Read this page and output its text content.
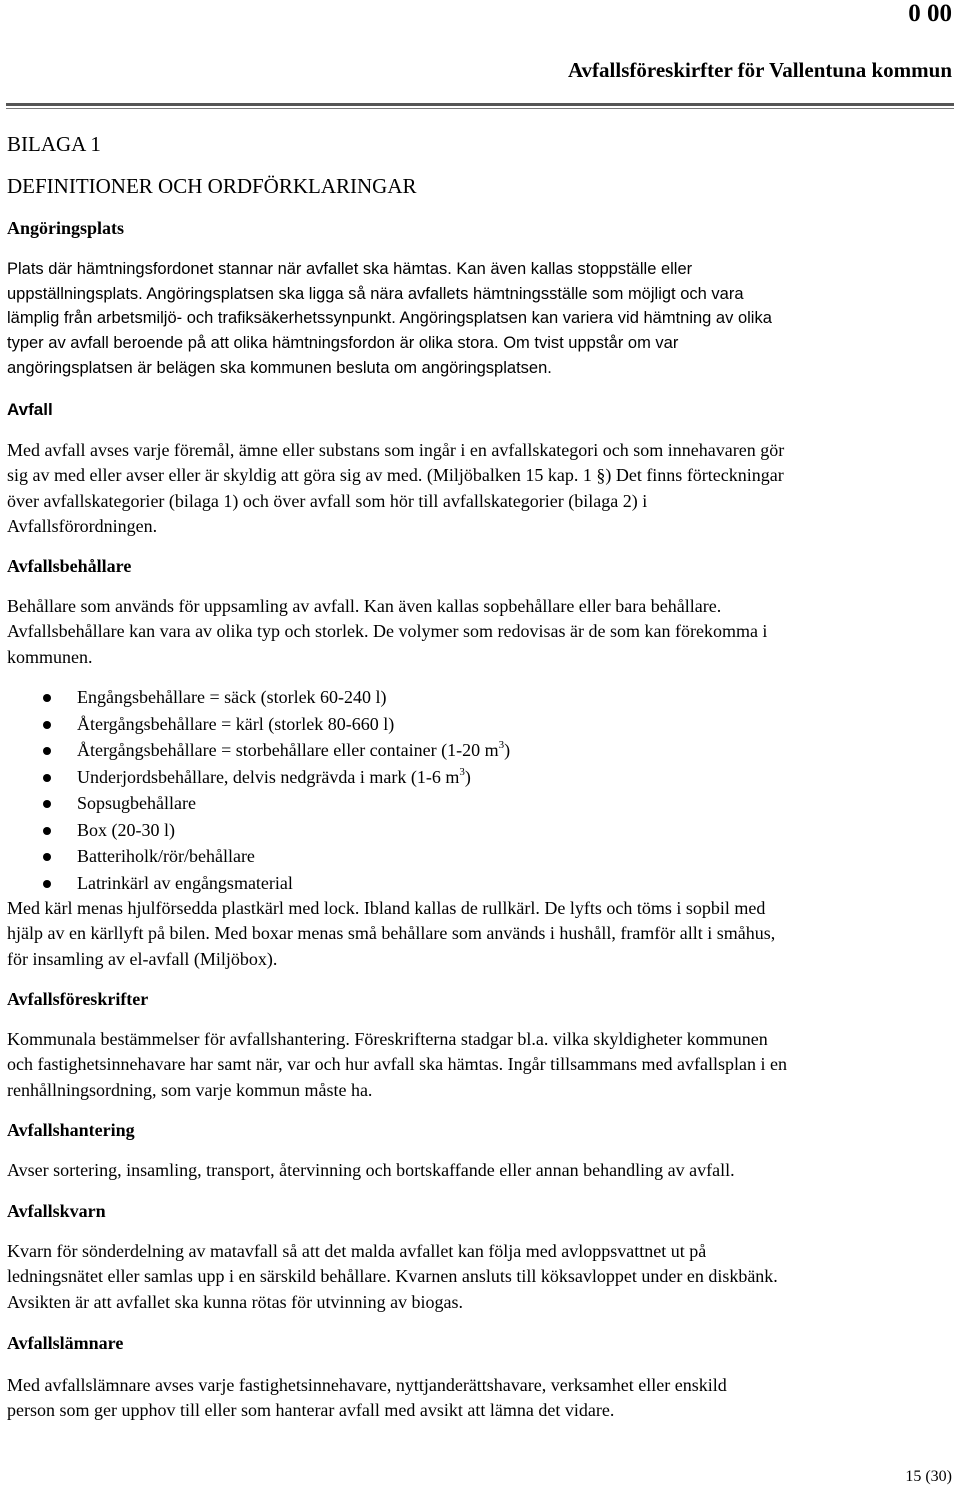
0 00
Avfallsföreskirfter för Vallentuna kommun
BILAGA 1
DEFINITIONER OCH ORDFÖRKLARINGAR
Angöringsplats
Plats där hämtningsfordonet stannar när avfallet ska hämtas. Kan även kallas stoppställe eller
uppställningsplats. Angöringsplatsen ska ligga så nära avfallets hämtningsställe som möjligt och vara
lämplig från arbetsmiljö- och trafiksäkerhetssynpunkt. Angöringsplatsen kan variera vid hämtning av olika
typer av avfall beroende på att olika hämtningsfordon är olika stora. Om tvist uppstår om var
angöringsplatsen är belägen ska kommunen besluta om angöringsplatsen.
Avfall
Med avfall avses varje föremål, ämne eller substans som ingår i en avfallskategori och som innehavaren gör
sig av med eller avser eller är skyldig att göra sig av med. (Miljöbalken 15 kap. 1 §) Det finns förteckningar
över avfallskategorier (bilaga 1) och över avfall som hör till avfallskategorier (bilaga 2) i
Avfallsförordningen.
Avfallsbehållare
Behållare som används för uppsamling av avfall. Kan även kallas sopbehållare eller bara behållare.
Avfallsbehållare kan vara av olika typ och storlek. De volymer som redovisas är de som kan förekomma i
kommunen.
Engångsbehållare = säck (storlek 60-240 l)
Återgångsbehållare = kärl (storlek 80-660 l)
Återgångsbehållare = storbehållare eller container (1-20 $m^3$)
Underjordsbehållare, delvis nedgrävda i mark (1-6 $m^3$)
Sopsugbehållare
Box (20-30 l)
Batteriholk/rör/behållare
Latrinkärl av engångsmaterial
Med kärl menas hjulförsedda plastkärl med lock. Ibland kallas de rullkärl. De lyfts och töms i sopbil med
hjälp av en kärllyft på bilen. Med boxar menas små behållare som används i hushåll, framför allt i småhus,
för insamling av el-avfall (Miljöbox).
Avfallsföreskrifter
Kommunala bestämmelser för avfallshantering. Föreskrifterna stadgar bl.a. vilka skyldigheter kommunen
och fastighetsinnehavare har samt när, var och hur avfall ska hämtas. Ingår tillsammans med avfallsplan i en
renhållningsordning, som varje kommun måste ha.
Avfallshantering
Avser sortering, insamling, transport, återvinning och bortskaffande eller annan behandling av avfall.
Avfallskvarn
Kvarn för sönderdelning av matavfall så att det malda avfallet kan följa med avloppsvattnet ut på
ledningsnätet eller samlas upp i en särskild behållare. Kvarnen ansluts till köksavloppet under en diskbänk.
Avsikten är att avfallet ska kunna rötas för utvinning av biogas.
Avfallslämnare
Med avfallslämnare avses varje fastighetsinnehavare, nyttjanderättshavare, verksamhet eller enskild
person som ger upphov till eller som hanterar avfall med avsikt att lämna det vidare.
15 (30)
